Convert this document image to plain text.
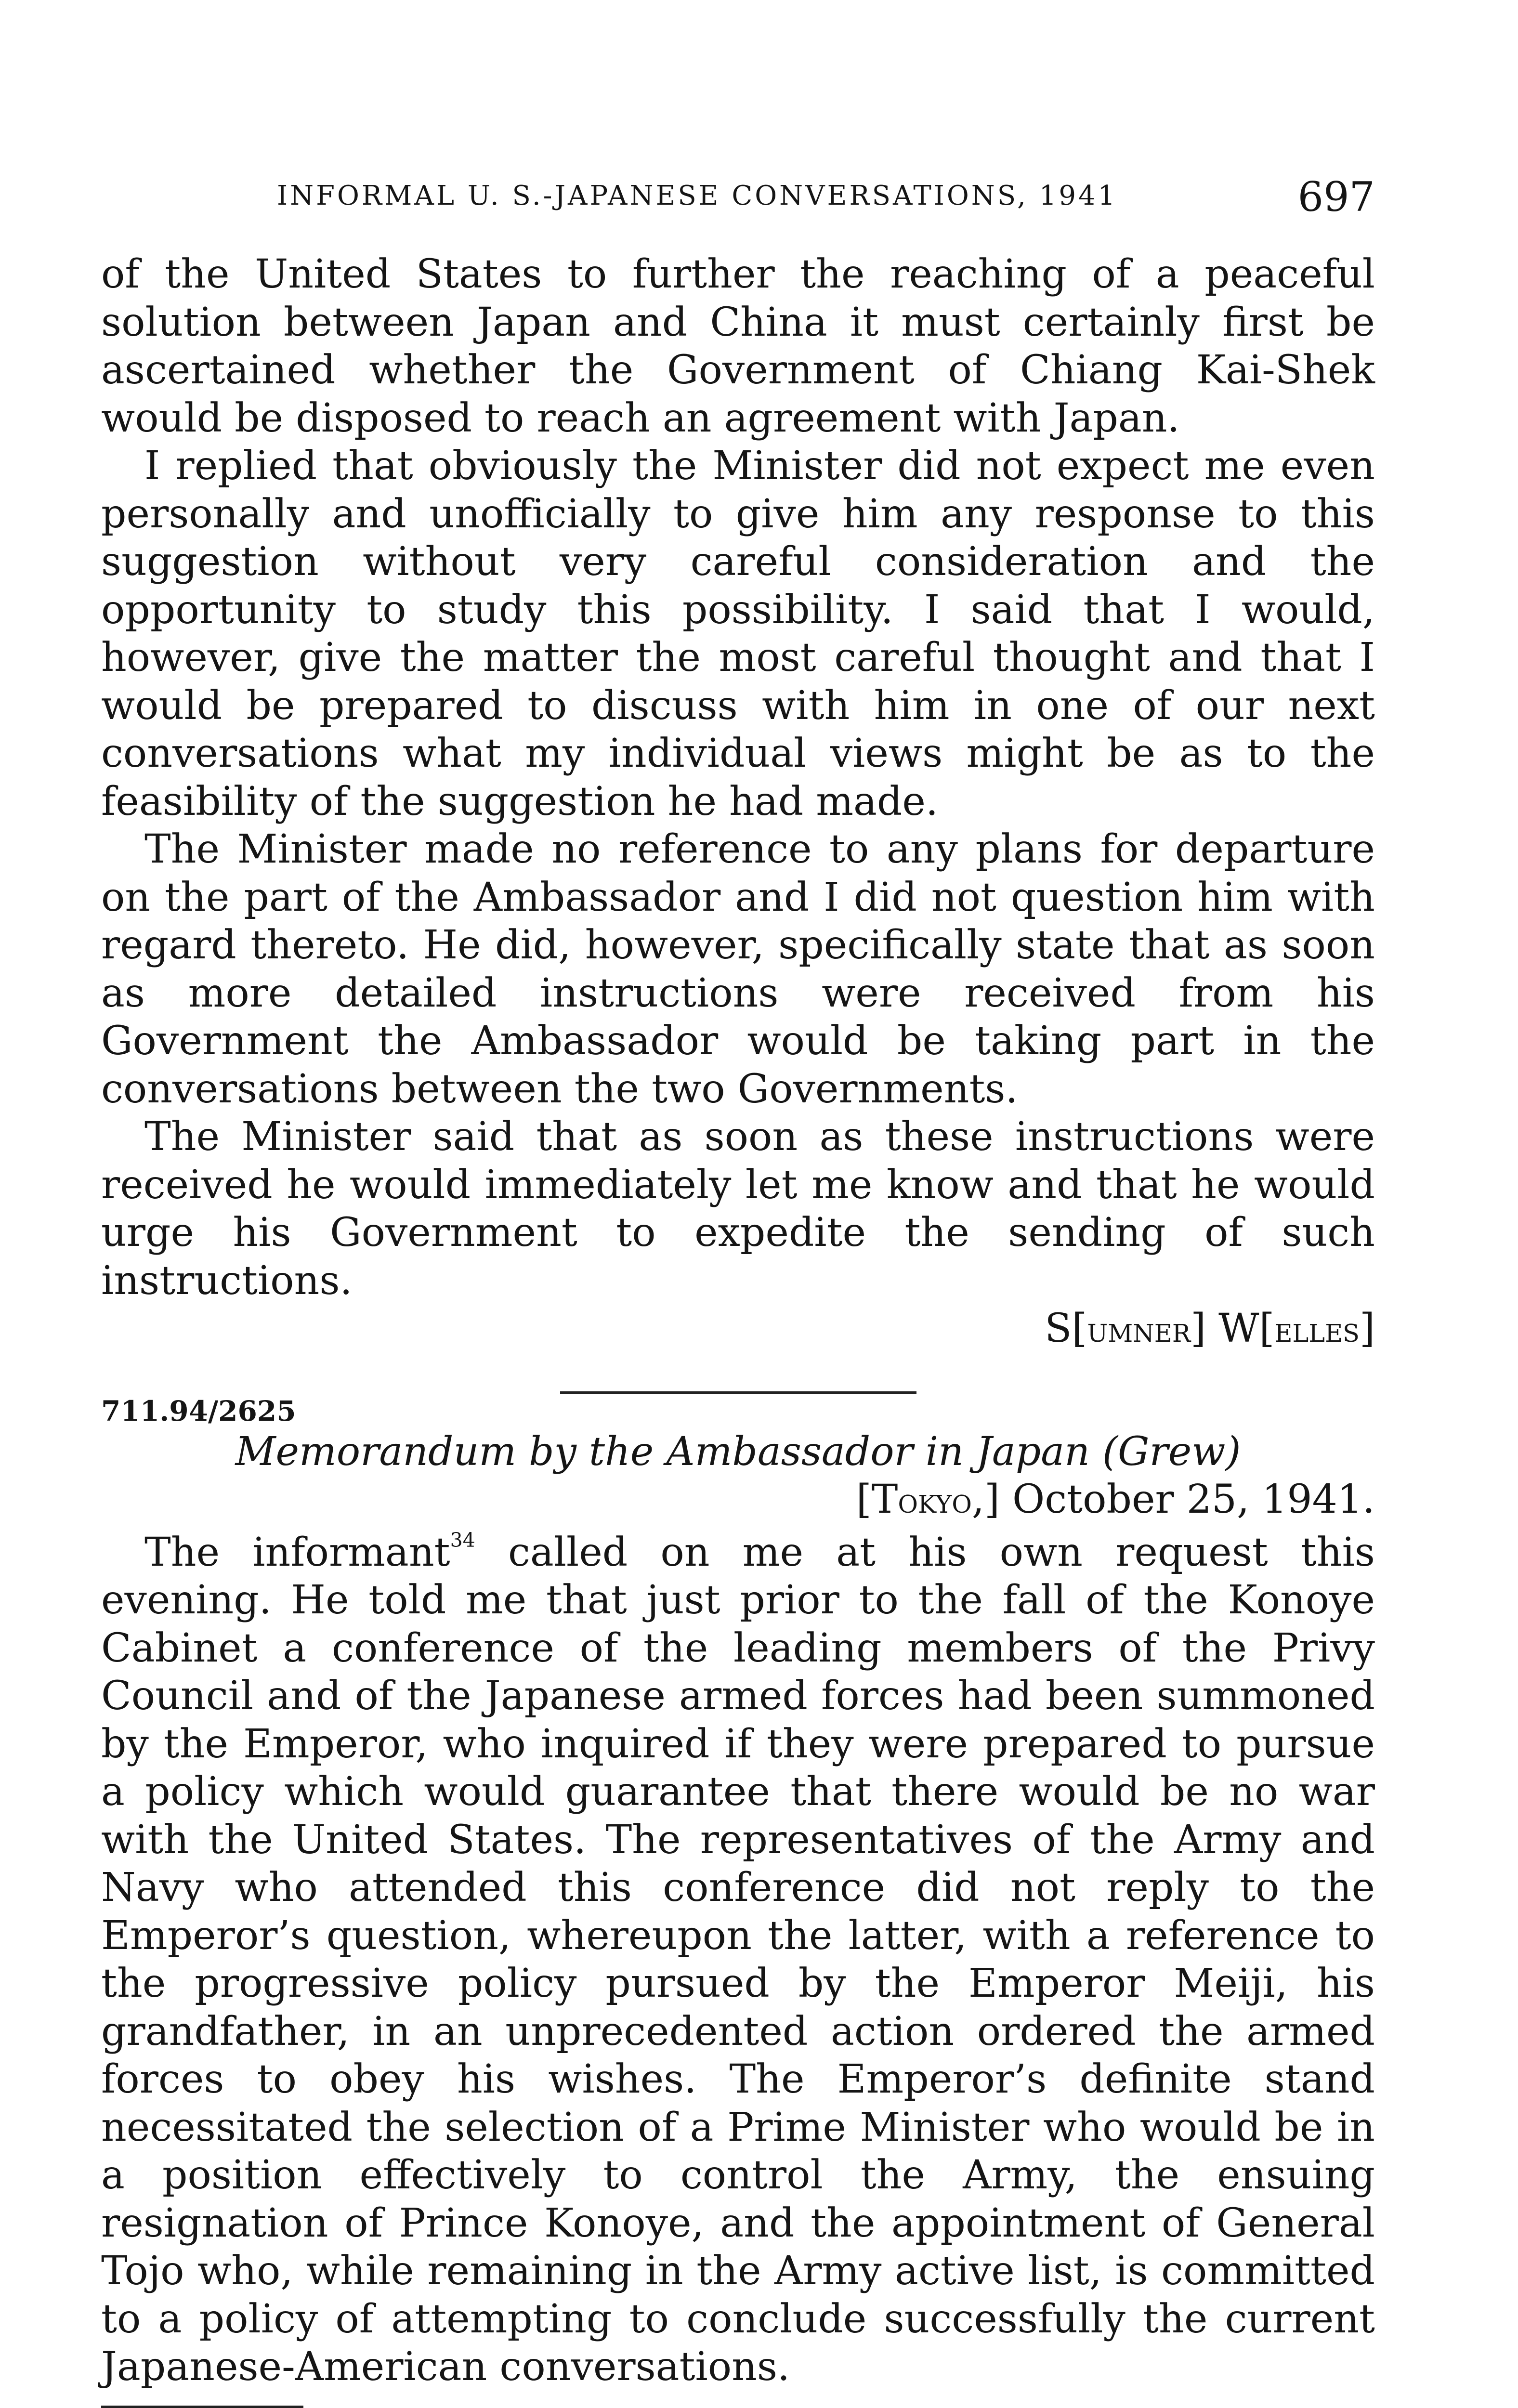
INFORMAL U. S.-JAPANESE CONVERSATIONS, 1941	697

of the United States to further the reaching of a peaceful solution between Japan and China it must certainly first be ascertained whether the Government of Chiang Kai-Shek would be disposed to reach an agreement with Japan.

I replied that obviously the Minister did not expect me even personally and unofficially to give him any response to this suggestion without very careful consideration and the opportunity to study this possibility. I said that I would, however, give the matter the most careful thought and that I would be prepared to discuss with him in one of our next conversations what my individual views might be as to the feasibility of the suggestion he had made.

The Minister made no reference to any plans for departure on the part of the Ambassador and I did not question him with regard thereto. He did, however, specifically state that as soon as more detailed instructions were received from his Government the Ambassador would be taking part in the conversations between the two Governments.

The Minister said that as soon as these instructions were received he would immediately let me know and that he would urge his Government to expedite the sending of such instructions.

S[UMNER] W[ELLES]

711.94/2625

Memorandum by the Ambassador in Japan (Grew)

[TOKYO,] October 25, 1941.

The informant$^{34}$ called on me at his own request this evening. He told me that just prior to the fall of the Konoye Cabinet a conference of the leading members of the Privy Council and of the Japanese armed forces had been summoned by the Emperor, who inquired if they were prepared to pursue a policy which would guarantee that there would be no war with the United States. The representatives of the Army and Navy who attended this conference did not reply to the Emperor’s question, whereupon the latter, with a reference to the progressive policy pursued by the Emperor Meiji, his grandfather, in an unprecedented action ordered the armed forces to obey his wishes. The Emperor’s definite stand necessitated the selection of a Prime Minister who would be in a position effectively to control the Army, the ensuing resignation of Prince Konoye, and the appointment of General Tojo who, while remaining in the Army active list, is committed to a policy of attempting to conclude successfully the current Japanese-American conversations.
